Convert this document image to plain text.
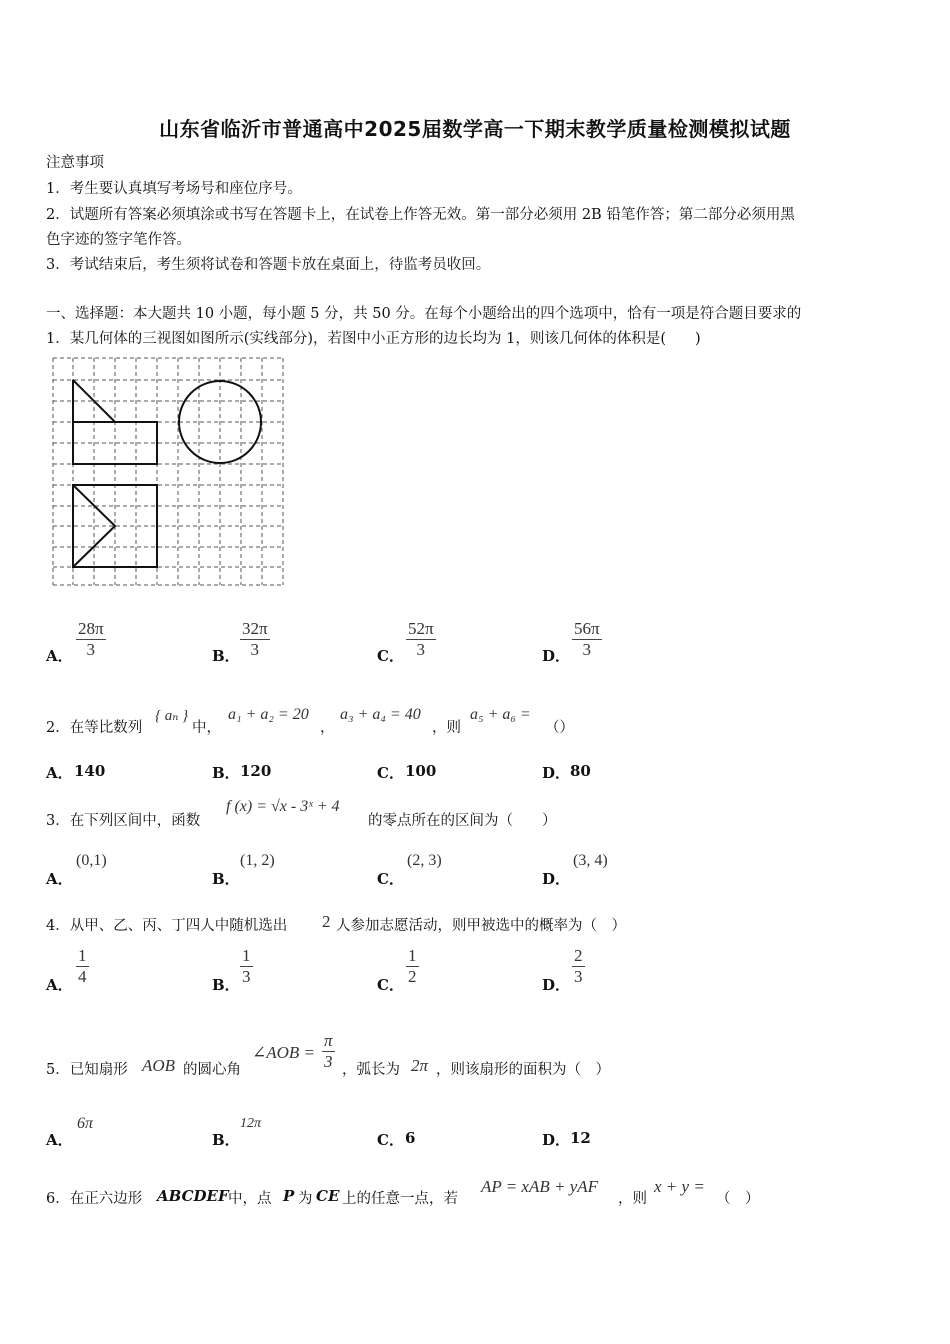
山东省临沂市普通高中2025届数学高一下期末教学质量检测模拟试题
注意事项
1．考生要认真填写考场号和座位序号。
2．试题所有答案必须填涂或书写在答题卡上，在试卷上作答无效。第一部分必须用 2B 铅笔作答；第二部分必须用黑
色字迹的签字笔作答。
3．考试结束后，考生须将试卷和答题卡放在桌面上，待监考员收回。
一、选择题：本大题共 10 小题，每小题 5 分，共 50 分。在每个小题给出的四个选项中，恰有一项是符合题目要求的
1．某几何体的三视图如图所示(实线部分)，若图中小正方形的边长均为 1，则该几何体的体积是(　　)
A．
28π
3	B．
32π
3	C．
52π
3	D．
56π
3
2．在等比数列
{ aₙ }
中，
a₁ + a₂ = 20
，
a₃ + a₄ = 40
，则
a₅ + a₆ =
（）
A． 140	B． 120	C． 100	D． 80
3．在下列区间中，函数
f (x) = √x - 3ˣ + 4
的零点所在的区间为（　　）
A．
(0,1)
B．
(1, 2)
C．
(2, 3)
D．
(3, 4)
4．从甲、乙、丙、丁四人中随机选出 2 人参加志愿活动，则甲被选中的概率为（　）
A．
1
4	B．
1
3	C．
1
2	D．
2
3
5．已知扇形 AOB 的圆心角
∠AOB =
π
3 ，弧长为 2π ，则该扇形的面积为（　）
A．
6π
B．
12π
C． 6	D． 12
6．在正六边形 ABCDEF 中，点 P 为 CE 上的任意一点，若
AP = xAB + yAF
，则
x + y =
（　）
